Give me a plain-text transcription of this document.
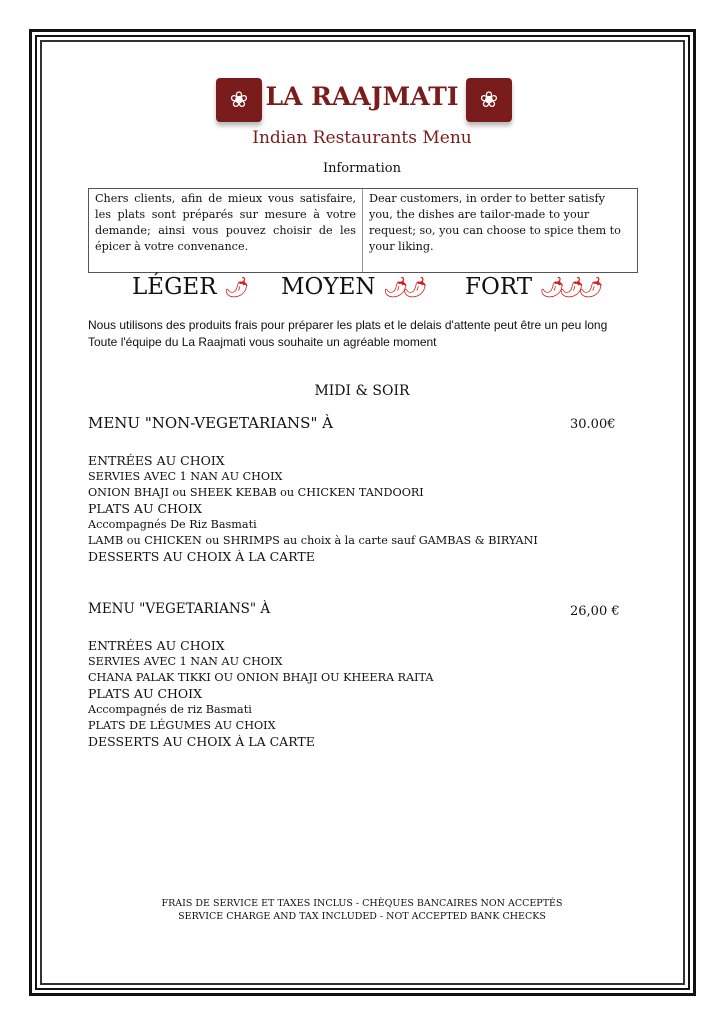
❀ LA RAAJMATI ❀
Indian Restaurants Menu
Information
Chers clients, afin de mieux vous satisfaire, les plats sont préparés sur mesure à votre demande; ainsi vous pouvez choisir de les épicer à votre convenance.
Dear customers, in order to better satisfy you, the dishes are tailor-made to your request; so, you can choose to spice them to your liking.
LÉGER 🌶 MOYEN 🌶🌶 FORT 🌶🌶🌶
Nous utilisons des produits frais pour préparer les plats et le delais d'attente peut être un peu long
Toute l'équipe du La Raajmati vous souhaite un agréable moment
MIDI & SOIR
MENU "NON-VEGETARIANS" À	30.00€
ENTRÉES AU CHOIX
SERVIES AVEC 1 NAN AU CHOIX
ONION BHAJI ou SHEEK KEBAB ou CHICKEN TANDOORI
PLATS AU CHOIX
Accompagnés De Riz Basmati
LAMB ou CHICKEN ou SHRIMPS au choix à la carte sauf GAMBAS & BIRYANI
DESSERTS AU CHOIX À LA CARTE
MENU "VEGETARIANS" À	26,00 €
ENTRÉES AU CHOIX
SERVIES AVEC 1 NAN AU CHOIX
CHANA PALAK TIKKI OU ONION BHAJI OU KHEERA RAITA
PLATS AU CHOIX
Accompagnés de riz Basmati
PLATS DE LÉGUMES AU CHOIX
DESSERTS AU CHOIX À LA CARTE
FRAIS DE SERVICE ET TAXES INCLUS - CHÈQUES BANCAIRES NON ACCEPTÉS
SERVICE CHARGE AND TAX INCLUDED - NOT ACCEPTED BANK CHECKS
